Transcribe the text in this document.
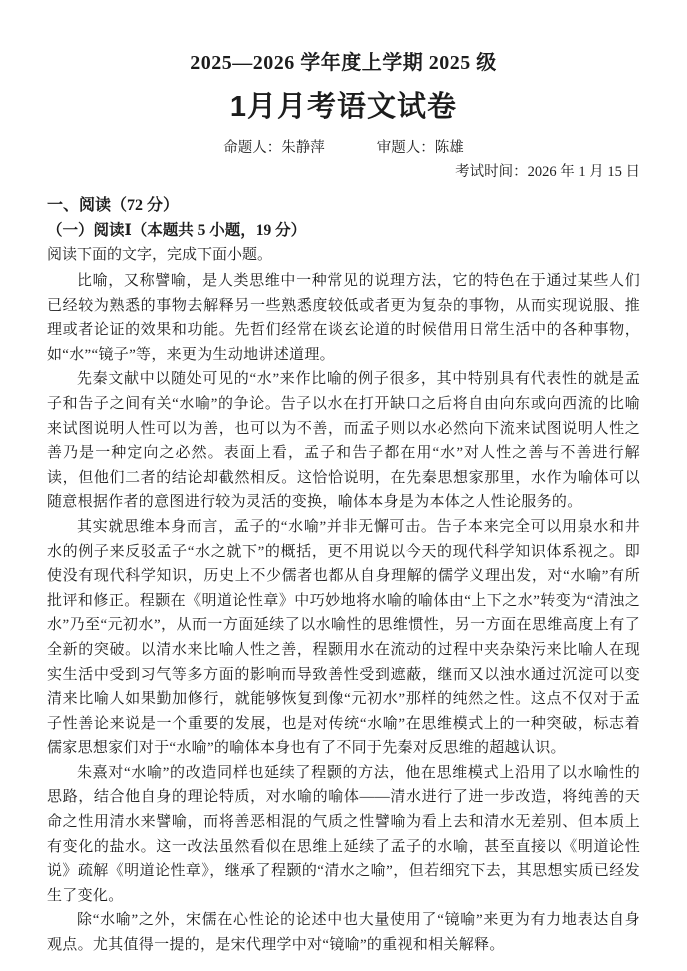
2025—2026 学年度上学期 2025 级
1月月考语文试卷
命题人：朱静萍	审题人：陈雄
考试时间：2026 年 1 月 15 日
一、阅读（72 分）
（一）阅读Ⅰ（本题共 5 小题，19 分）
阅读下面的文字，完成下面小题。

比喻，又称譬喻，是人类思维中一种常见的说理方法，它的特色在于通过某些人们已经较为熟悉的事物去解释另一些熟悉度较低或者更为复杂的事物，从而实现说服、推理或者论证的效果和功能。先哲们经常在谈玄论道的时候借用日常生活中的各种事物，如“水”“镜子”等，来更为生动地讲述道理。

先秦文献中以随处可见的“水”来作比喻的例子很多，其中特别具有代表性的就是孟子和告子之间有关“水喻”的争论。告子以水在打开缺口之后将自由向东或向西流的比喻来试图说明人性可以为善，也可以为不善，而孟子则以水必然向下流来试图说明人性之善乃是一种定向之必然。表面上看，孟子和告子都在用“水”对人性之善与不善进行解读，但他们二者的结论却截然相反。这恰恰说明，在先秦思想家那里，水作为喻体可以随意根据作者的意图进行较为灵活的变换，喻体本身是为本体之人性论服务的。

其实就思维本身而言，孟子的“水喻”并非无懈可击。告子本来完全可以用泉水和井水的例子来反驳孟子“水之就下”的概括，更不用说以今天的现代科学知识体系视之。即使没有现代科学知识，历史上不少儒者也都从自身理解的儒学义理出发，对“水喻”有所批评和修正。程颢在《明道论性章》中巧妙地将水喻的喻体由“上下之水”转变为“清浊之水”乃至“元初水”，从而一方面延续了以水喻性的思维惯性，另一方面在思维高度上有了全新的突破。以清水来比喻人性之善，程颢用水在流动的过程中夹杂染污来比喻人在现实生活中受到习气等多方面的影响而导致善性受到遮蔽，继而又以浊水通过沉淀可以变清来比喻人如果勤加修行，就能够恢复到像“元初水”那样的纯然之性。这点不仅对于孟子性善论来说是一个重要的发展，也是对传统“水喻”在思维模式上的一种突破，标志着儒家思想家们对于“水喻”的喻体本身也有了不同于先秦对反思维的超越认识。

朱熹对“水喻”的改造同样也延续了程颢的方法，他在思维模式上沿用了以水喻性的思路，结合他自身的理论特质，对水喻的喻体——清水进行了进一步改造，将纯善的天命之性用清水来譬喻，而将善恶相混的气质之性譬喻为看上去和清水无差别、但本质上有变化的盐水。这一改法虽然看似在思维上延续了孟子的水喻，甚至直接以《明道论性说》疏解《明道论性章》，继承了程颢的“清水之喻”，但若细究下去，其思想实质已经发生了变化。

除“水喻”之外，宋儒在心性论的论述中也大量使用了“镜喻”来更为有力地表达自身观点。尤其值得一提的，是宋代理学中对“镜喻”的重视和相关解释。
